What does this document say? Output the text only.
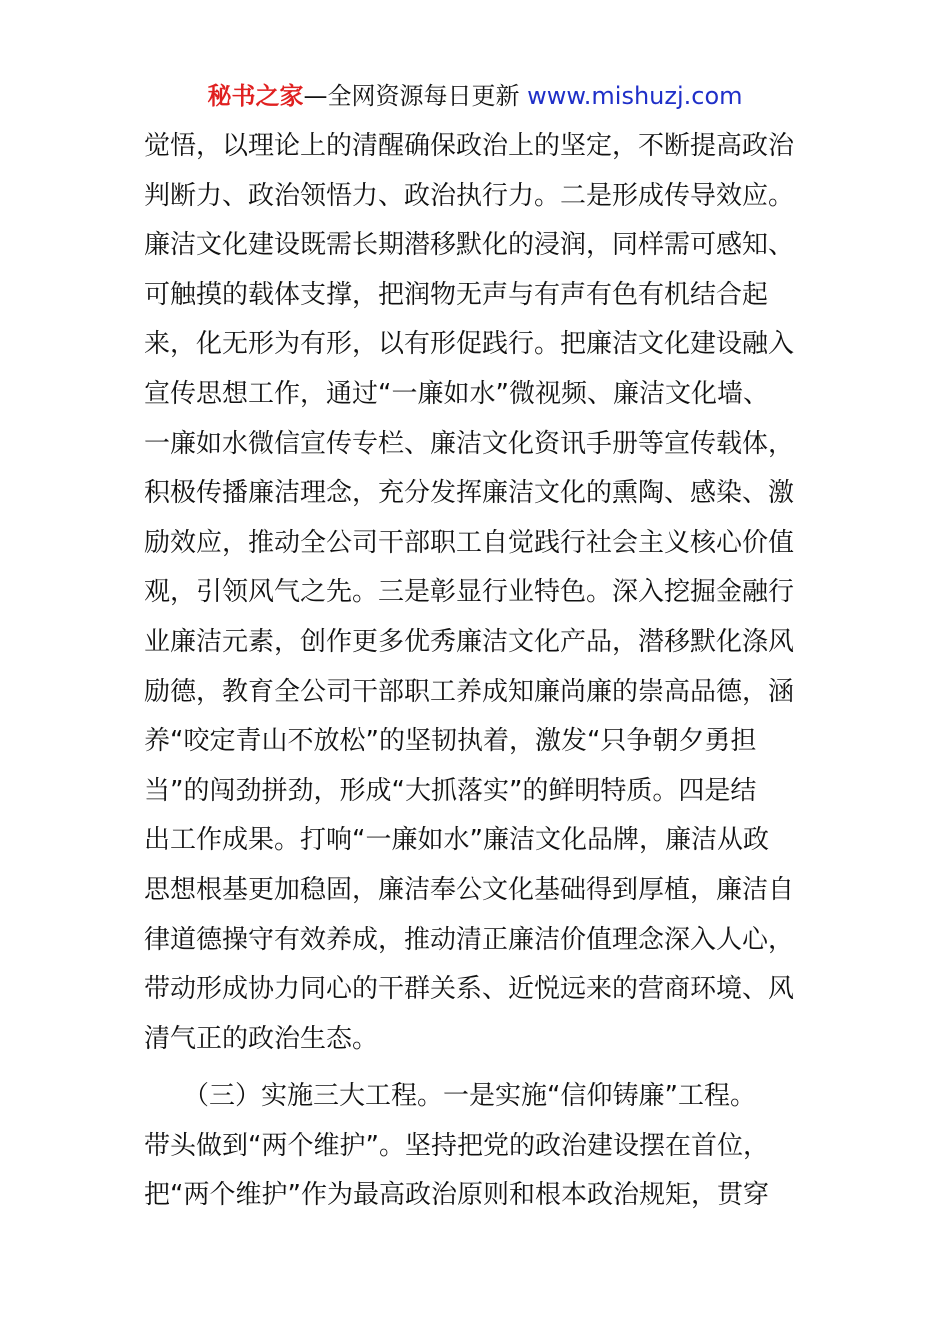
秘书之家—全网资源每日更新 www.mishuzj.com
觉悟，以理论上的清醒确保政治上的坚定，不断提高政治
判断力、政治领悟力、政治执行力。二是形成传导效应。
廉洁文化建设既需长期潜移默化的浸润，同样需可感知、
可触摸的载体支撑，把润物无声与有声有色有机结合起
来，化无形为有形，以有形促践行。把廉洁文化建设融入
宣传思想工作，通过“一廉如水”微视频、廉洁文化墙、
一廉如水微信宣传专栏、廉洁文化资讯手册等宣传载体，
积极传播廉洁理念，充分发挥廉洁文化的熏陶、感染、激
励效应，推动全公司干部职工自觉践行社会主义核心价值
观，引领风气之先。三是彰显行业特色。深入挖掘金融行
业廉洁元素，创作更多优秀廉洁文化产品，潜移默化涤风
励德，教育全公司干部职工养成知廉尚廉的崇高品德，涵
养“咬定青山不放松”的坚韧执着，激发“只争朝夕勇担
当”的闯劲拼劲，形成“大抓落实”的鲜明特质。四是结
出工作成果。打响“一廉如水”廉洁文化品牌，廉洁从政
思想根基更加稳固，廉洁奉公文化基础得到厚植，廉洁自
律道德操守有效养成，推动清正廉洁价值理念深入人心，
带动形成协力同心的干群关系、近悦远来的营商环境、风
清气正的政治生态。
　　（三）实施三大工程。一是实施“信仰铸廉”工程。
带头做到“两个维护”。坚持把党的政治建设摆在首位，
把“两个维护”作为最高政治原则和根本政治规矩，贯穿
